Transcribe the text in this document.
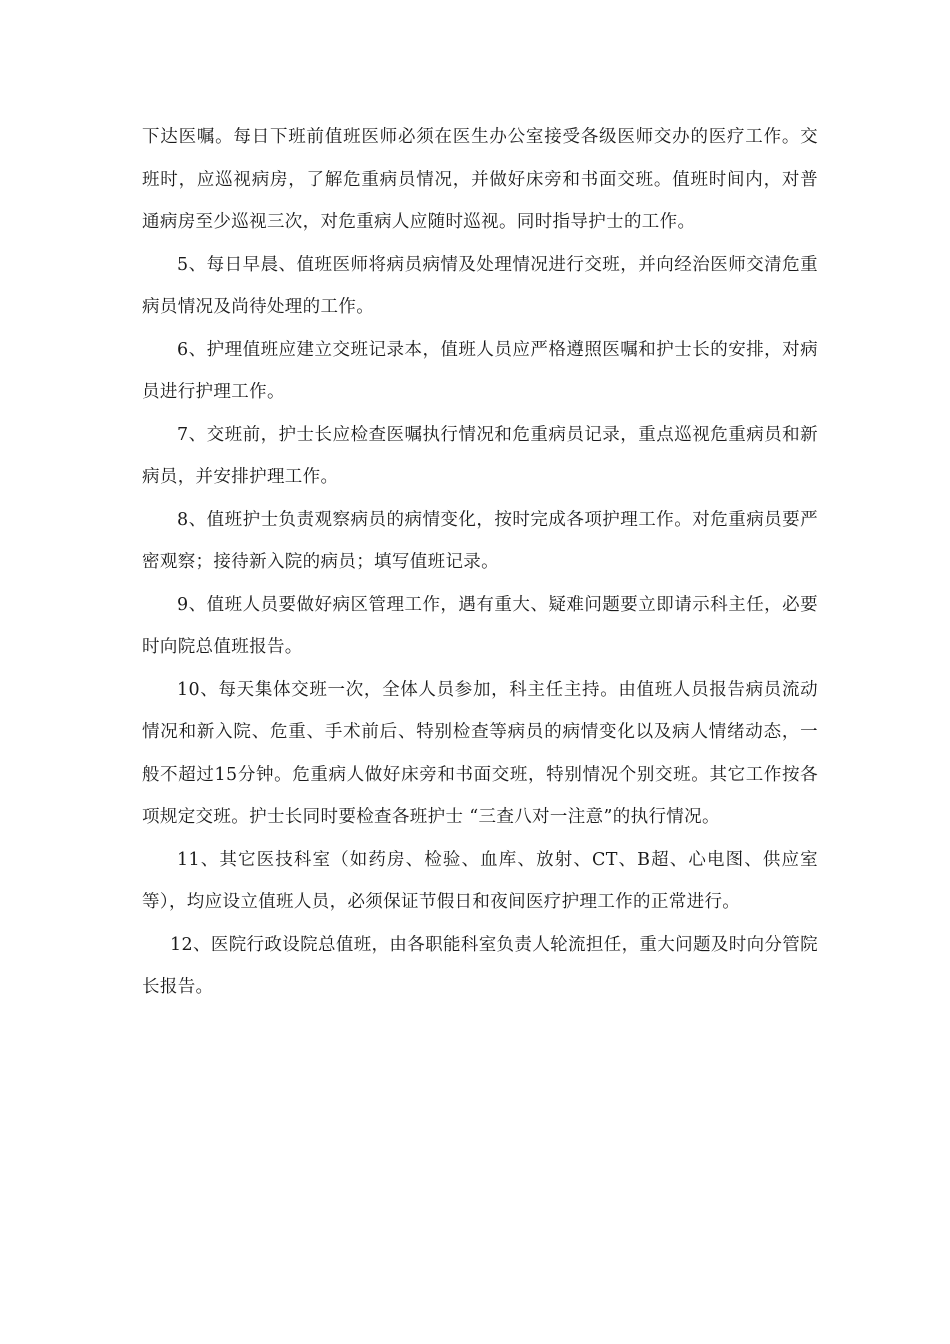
下达医嘱。每日下班前值班医师必须在医生办公室接受各级医师交办的医疗工作。交班时，应巡视病房，了解危重病员情况，并做好床旁和书面交班。值班时间内，对普通病房至少巡视三次，对危重病人应随时巡视。同时指导护士的工作。

5、每日早晨、值班医师将病员病情及处理情况进行交班，并向经治医师交清危重病员情况及尚待处理的工作。

6、护理值班应建立交班记录本，值班人员应严格遵照医嘱和护士长的安排，对病员进行护理工作。

7、交班前，护士长应检查医嘱执行情况和危重病员记录，重点巡视危重病员和新病员，并安排护理工作。

8、值班护士负责观察病员的病情变化，按时完成各项护理工作。对危重病员要严密观察；接待新入院的病员；填写值班记录。

9、值班人员要做好病区管理工作，遇有重大、疑难问题要立即请示科主任，必要时向院总值班报告。

10、每天集体交班一次，全体人员参加，科主任主持。由值班人员报告病员流动情况和新入院、危重、手术前后、特别检查等病员的病情变化以及病人情绪动态，一般不超过15分钟。危重病人做好床旁和书面交班，特别情况个别交班。其它工作按各项规定交班。护士长同时要检查各班护士 “三查八对一注意”的执行情况。

11、其它医技科室（如药房、检验、血库、放射、CT、B超、心电图、供应室等），均应设立值班人员，必须保证节假日和夜间医疗护理工作的正常进行。

12、医院行政设院总值班，由各职能科室负责人轮流担任，重大问题及时向分管院长报告。
